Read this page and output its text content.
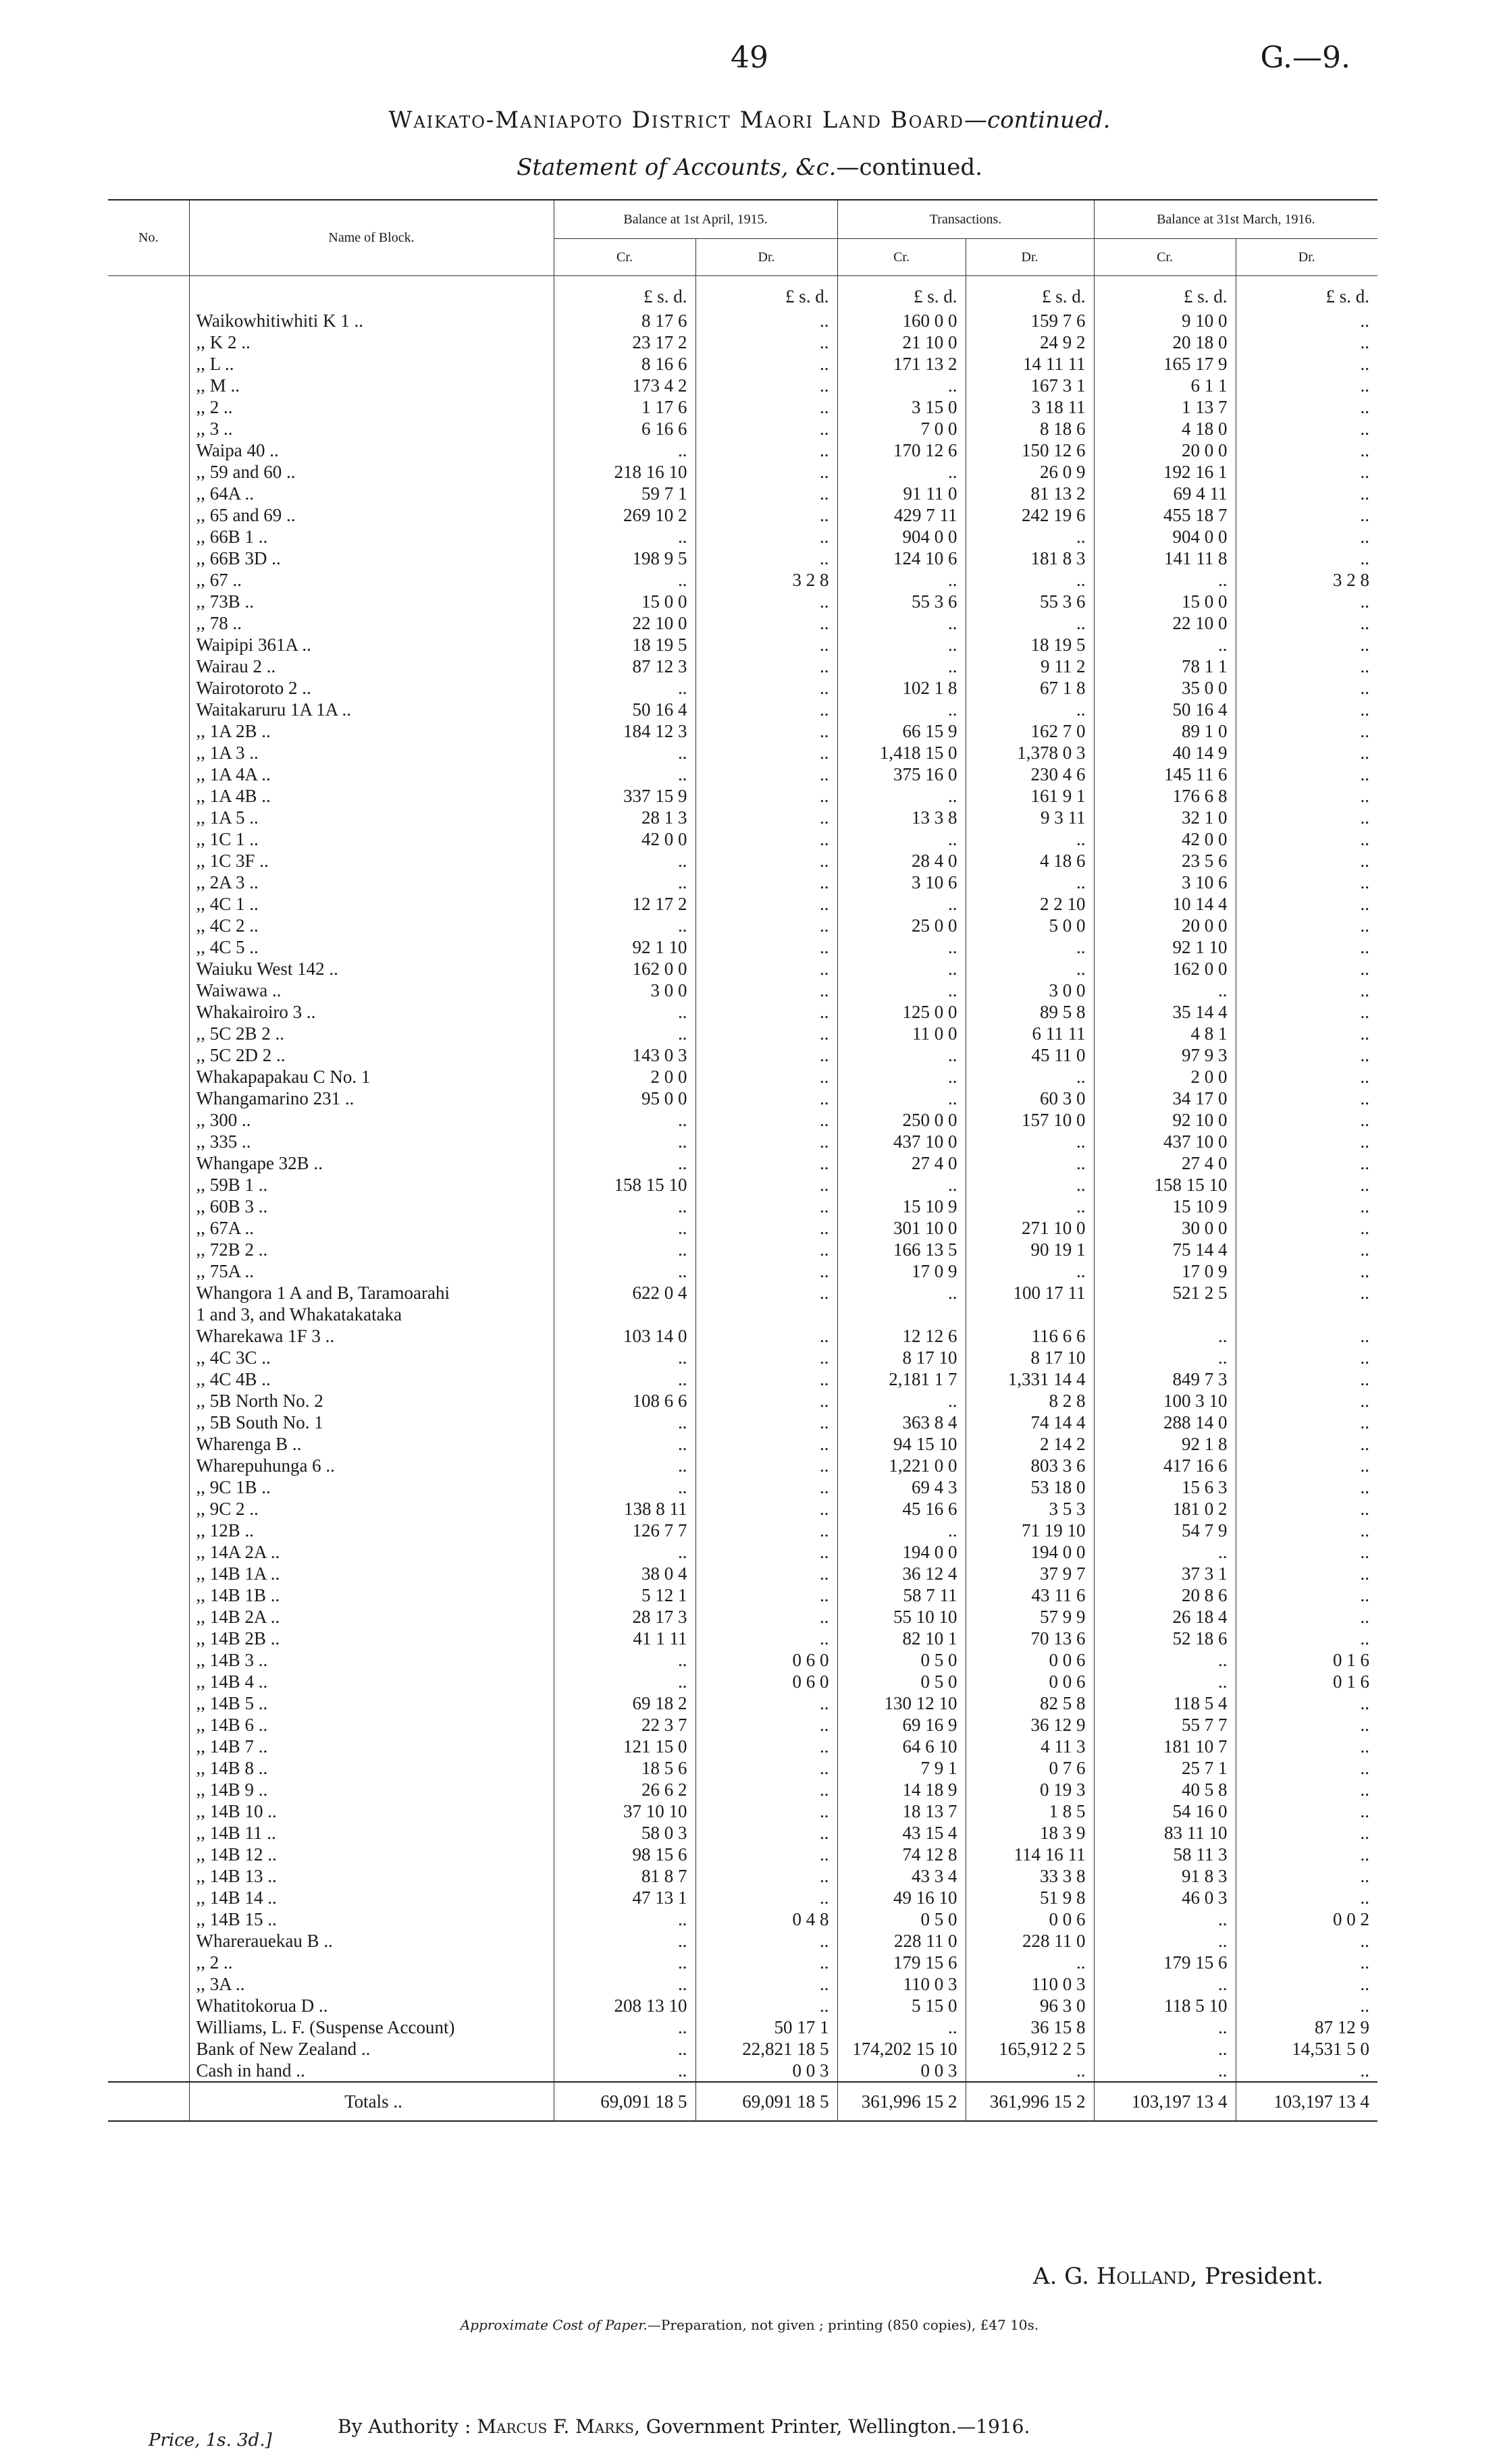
49	G.—9.
Waikato-Maniapoto District Maori Land Board—continued.
Statement of Accounts, &c.—continued.
No.	Name of Block.	Balance at 1st April, 1915.		Transactions.		Balance at 31st March, 1916.	
		Cr.	Dr.	Cr.	Dr.	Cr.	Dr.
		£ s. d.	£ s. d.	£ s. d.	£ s. d.	£ s. d.	£ s. d.
	Waikowhitiwhiti K 1 ..	8 17 6	..	160 0 0	159 7 6	9 10 0	..
	,, K 2 ..	23 17 2	..	21 10 0	24 9 2	20 18 0	..
	,, L ..	8 16 6	..	171 13 2	14 11 11	165 17 9	..
	,, M ..	173 4 2	..	..	167 3 1	6 1 1	..
	,, 2 ..	1 17 6	..	3 15 0	3 18 11	1 13 7	..
	,, 3 ..	6 16 6	..	7 0 0	8 18 6	4 18 0	..
	Waipa 40 ..	..	..	170 12 6	150 12 6	20 0 0	..
	,, 59 and 60 ..	218 16 10	..	..	26 0 9	192 16 1	..
	,, 64A ..	59 7 1	..	91 11 0	81 13 2	69 4 11	..
	,, 65 and 69 ..	269 10 2	..	429 7 11	242 19 6	455 18 7	..
	,, 66B 1 ..	..	..	904 0 0	..	904 0 0	..
	,, 66B 3D ..	198 9 5	..	124 10 6	181 8 3	141 11 8	..
	,, 67 ..	..	3 2 8	..	..	..	3 2 8
	,, 73B ..	15 0 0	..	55 3 6	55 3 6	15 0 0	..
	,, 78 ..	22 10 0	..	..	..	22 10 0	..
	Waipipi 361A ..	18 19 5	..	..	18 19 5	..	..
	Wairau 2 ..	87 12 3	..	..	9 11 2	78 1 1	..
	Wairotoroto 2 ..	..	..	102 1 8	67 1 8	35 0 0	..
	Waitakaruru 1A 1A ..	50 16 4	..	..	..	50 16 4	..
	,, 1A 2B ..	184 12 3	..	66 15 9	162 7 0	89 1 0	..
	,, 1A 3 ..	..	..	1,418 15 0	1,378 0 3	40 14 9	..
	,, 1A 4A ..	..	..	375 16 0	230 4 6	145 11 6	..
	,, 1A 4B ..	337 15 9	..	..	161 9 1	176 6 8	..
	,, 1A 5 ..	28 1 3	..	13 3 8	9 3 11	32 1 0	..
	,, 1C 1 ..	42 0 0	..	..	..	42 0 0	..
	,, 1C 3F ..	..	..	28 4 0	4 18 6	23 5 6	..
	,, 2A 3 ..	..	..	3 10 6	..	3 10 6	..
	,, 4C 1 ..	12 17 2	..	..	2 2 10	10 14 4	..
	,, 4C 2 ..	..	..	25 0 0	5 0 0	20 0 0	..
	,, 4C 5 ..	92 1 10	..	..	..	92 1 10	..
	Waiuku West 142 ..	162 0 0	..	..	..	162 0 0	..
	Waiwawa ..	3 0 0	..	..	3 0 0	..	..
	Whakairoiro 3 ..	..	..	125 0 0	89 5 8	35 14 4	..
	,, 5C 2B 2 ..	..	..	11 0 0	6 11 11	4 8 1	..
	,, 5C 2D 2 ..	143 0 3	..	..	45 11 0	97 9 3	..
	Whakapapakau C No. 1	2 0 0	..	..	..	2 0 0	..
	Whangamarino 231 ..	95 0 0	..	..	60 3 0	34 17 0	..
	,, 300 ..	..	..	250 0 0	157 10 0	92 10 0	..
	,, 335 ..	..	..	437 10 0	..	437 10 0	..
	Whangape 32B ..	..	..	27 4 0	..	27 4 0	..
	,, 59B 1 ..	158 15 10	..	..	..	158 15 10	..
	,, 60B 3 ..	..	..	15 10 9	..	15 10 9	..
	,, 67A ..	..	..	301 10 0	271 10 0	30 0 0	..
	,, 72B 2 ..	..	..	166 13 5	90 19 1	75 14 4	..
	,, 75A ..	..	..	17 0 9	..	17 0 9	..
	Whangora 1 A and B, Taramoarahi	622 0 4	..	..	100 17 11	521 2 5	..
	1 and 3, and Whakatakataka						
	Wharekawa 1F 3 ..	103 14 0	..	12 12 6	116 6 6	..	..
	,, 4C 3C ..	..	..	8 17 10	8 17 10	..	..
	,, 4C 4B ..	..	..	2,181 1 7	1,331 14 4	849 7 3	..
	,, 5B North No. 2	108 6 6	..	..	8 2 8	100 3 10	..
	,, 5B South No. 1	..	..	363 8 4	74 14 4	288 14 0	..
	Wharenga B ..	..	..	94 15 10	2 14 2	92 1 8	..
	Wharepuhunga 6 ..	..	..	1,221 0 0	803 3 6	417 16 6	..
	,, 9C 1B ..	..	..	69 4 3	53 18 0	15 6 3	..
	,, 9C 2 ..	138 8 11	..	45 16 6	3 5 3	181 0 2	..
	,, 12B ..	126 7 7	..	..	71 19 10	54 7 9	..
	,, 14A 2A ..	..	..	194 0 0	194 0 0	..	..
	,, 14B 1A ..	38 0 4	..	36 12 4	37 9 7	37 3 1	..
	,, 14B 1B ..	5 12 1	..	58 7 11	43 11 6	20 8 6	..
	,, 14B 2A ..	28 17 3	..	55 10 10	57 9 9	26 18 4	..
	,, 14B 2B ..	41 1 11	..	82 10 1	70 13 6	52 18 6	..
	,, 14B 3 ..	..	0 6 0	0 5 0	0 0 6	..	0 1 6
	,, 14B 4 ..	..	0 6 0	0 5 0	0 0 6	..	0 1 6
	,, 14B 5 ..	69 18 2	..	130 12 10	82 5 8	118 5 4	..
	,, 14B 6 ..	22 3 7	..	69 16 9	36 12 9	55 7 7	..
	,, 14B 7 ..	121 15 0	..	64 6 10	4 11 3	181 10 7	..
	,, 14B 8 ..	18 5 6	..	7 9 1	0 7 6	25 7 1	..
	,, 14B 9 ..	26 6 2	..	14 18 9	0 19 3	40 5 8	..
	,, 14B 10 ..	37 10 10	..	18 13 7	1 8 5	54 16 0	..
	,, 14B 11 ..	58 0 3	..	43 15 4	18 3 9	83 11 10	..
	,, 14B 12 ..	98 15 6	..	74 12 8	114 16 11	58 11 3	..
	,, 14B 13 ..	81 8 7	..	43 3 4	33 3 8	91 8 3	..
	,, 14B 14 ..	47 13 1	..	49 16 10	51 9 8	46 0 3	..
	,, 14B 15 ..	..	0 4 8	0 5 0	0 0 6	..	0 0 2
	Wharerauekau B ..	..	..	228 11 0	228 11 0	..	..
	,, 2 ..	..	..	179 15 6	..	179 15 6	..
	,, 3A ..	..	..	110 0 3	110 0 3	..	..
	Whatitokorua D ..	208 13 10	..	5 15 0	96 3 0	118 5 10	..
	Williams, L. F. (Suspense Account)	..	50 17 1	..	36 15 8	..	87 12 9
	Bank of New Zealand ..	..	22,821 18 5	174,202 15 10	165,912 2 5	..	14,531 5 0
	Cash in hand ..	..	0 0 3	0 0 3	..	..	..
	Totals ..	69,091 18 5	69,091 18 5	361,996 15 2	361,996 15 2	103,197 13 4	103,197 13 4
A. G. Holland, President.
Approximate Cost of Paper.—Preparation, not given ; printing (850 copies), £47 10s.
By Authority : Marcus F. Marks, Government Printer, Wellington.—1916.
Price, 1s. 3d.]
